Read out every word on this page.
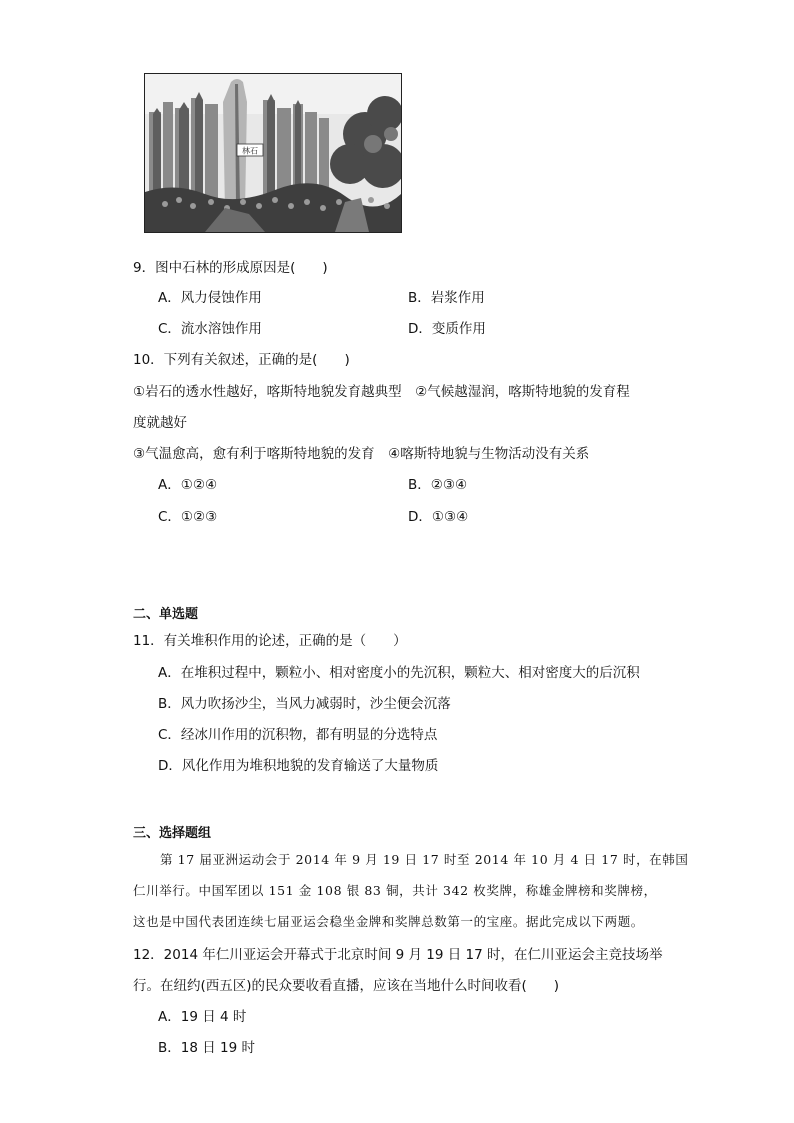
林石
9．图中石林的形成原因是(　　)
A．风力侵蚀作用	B．岩浆作用
C．流水溶蚀作用	D．变质作用
10．下列有关叙述，正确的是(　　)
①岩石的透水性越好，喀斯特地貌发育越典型　②气候越湿润，喀斯特地貌的发育程
度就越好
③气温愈高，愈有利于喀斯特地貌的发育　④喀斯特地貌与生物活动没有关系
A．①②④	B．②③④
C．①②③	D．①③④
二、单选题
11．有关堆积作用的论述，正确的是（　　）
A．在堆积过程中，颗粒小、相对密度小的先沉积，颗粒大、相对密度大的后沉积
B．风力吹扬沙尘，当风力减弱时，沙尘便会沉落
C．经冰川作用的沉积物，都有明显的分选特点
D．风化作用为堆积地貌的发育输送了大量物质
三、选择题组
第 17 届亚洲运动会于 2014 年 9 月 19 日 17 时至 2014 年 10 月 4 日 17 时，在韩国
仁川举行。中国军团以 151 金 108 银 83 铜，共计 342 枚奖牌，称雄金牌榜和奖牌榜，
这也是中国代表团连续七届亚运会稳坐金牌和奖牌总数第一的宝座。据此完成以下两题。
12．2014 年仁川亚运会开幕式于北京时间 9 月 19 日 17 时，在仁川亚运会主竞技场举
行。在纽约(西五区)的民众要收看直播，应该在当地什么时间收看(　　)
A．19 日 4 时
B．18 日 19 时
